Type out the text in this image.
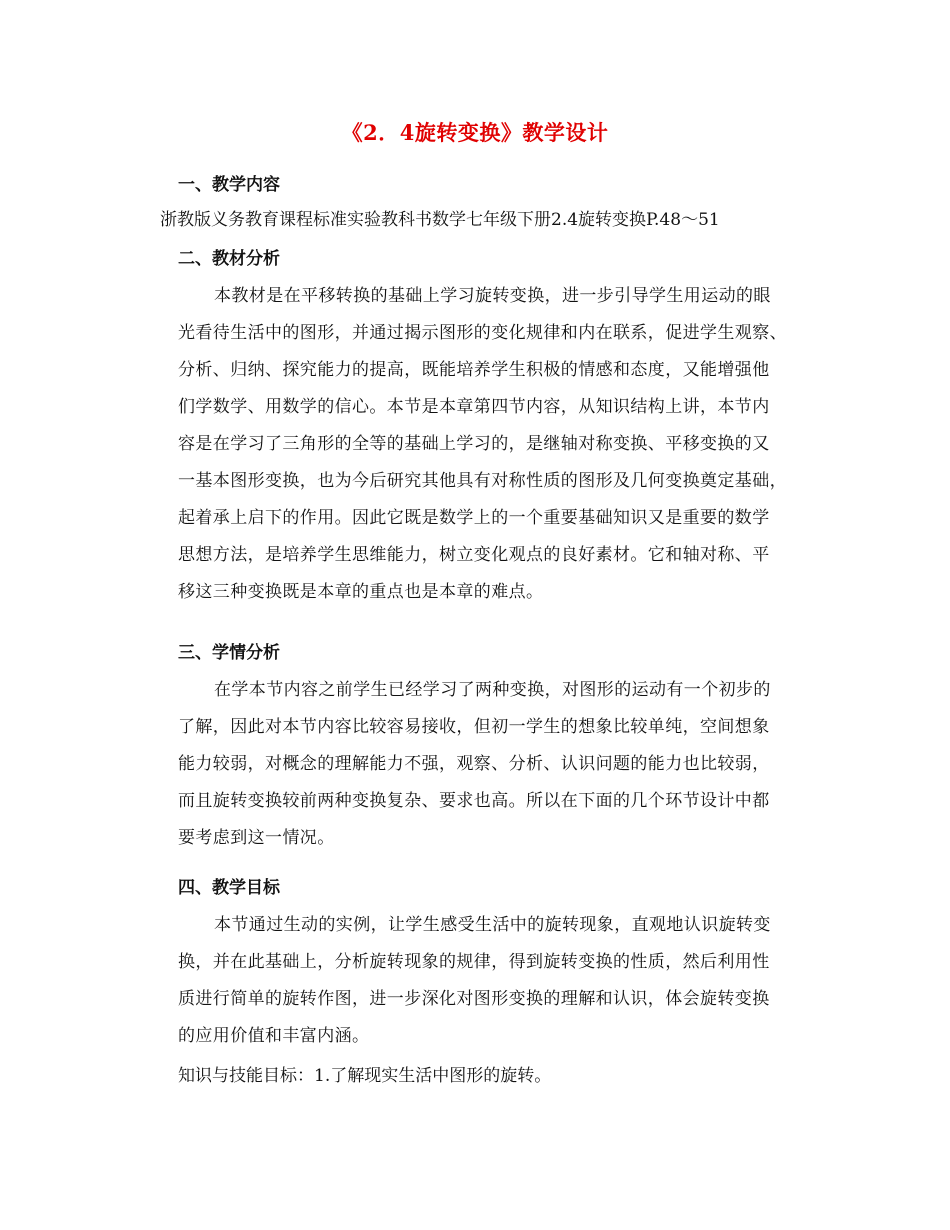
《2．4旋转变换》教学设计
一、教学内容
浙教版义务教育课程标准实验教科书数学七年级下册2.4旋转变换P.48～51
二、教材分析
本教材是在平移转换的基础上学习旋转变换，进一步引导学生用运动的眼
光看待生活中的图形，并通过揭示图形的变化规律和内在联系，促进学生观察、
分析、归纳、探究能力的提高，既能培养学生积极的情感和态度，又能增强他
们学数学、用数学的信心。本节是本章第四节内容，从知识结构上讲，本节内
容是在学习了三角形的全等的基础上学习的，是继轴对称变换、平移变换的又
一基本图形变换，也为今后研究其他具有对称性质的图形及几何变换奠定基础，
起着承上启下的作用。因此它既是数学上的一个重要基础知识又是重要的数学
思想方法，是培养学生思维能力，树立变化观点的良好素材。它和轴对称、平
移这三种变换既是本章的重点也是本章的难点。
三、学情分析
在学本节内容之前学生已经学习了两种变换，对图形的运动有一个初步的
了解，因此对本节内容比较容易接收，但初一学生的想象比较单纯，空间想象
能力较弱，对概念的理解能力不强，观察、分析、认识问题的能力也比较弱，
而且旋转变换较前两种变换复杂、要求也高。所以在下面的几个环节设计中都
要考虑到这一情况。
四、教学目标
本节通过生动的实例，让学生感受生活中的旋转现象，直观地认识旋转变
换，并在此基础上，分析旋转现象的规律，得到旋转变换的性质，然后利用性
质进行简单的旋转作图，进一步深化对图形变换的理解和认识，体会旋转变换
的应用价值和丰富内涵。
知识与技能目标：1.了解现实生活中图形的旋转。
